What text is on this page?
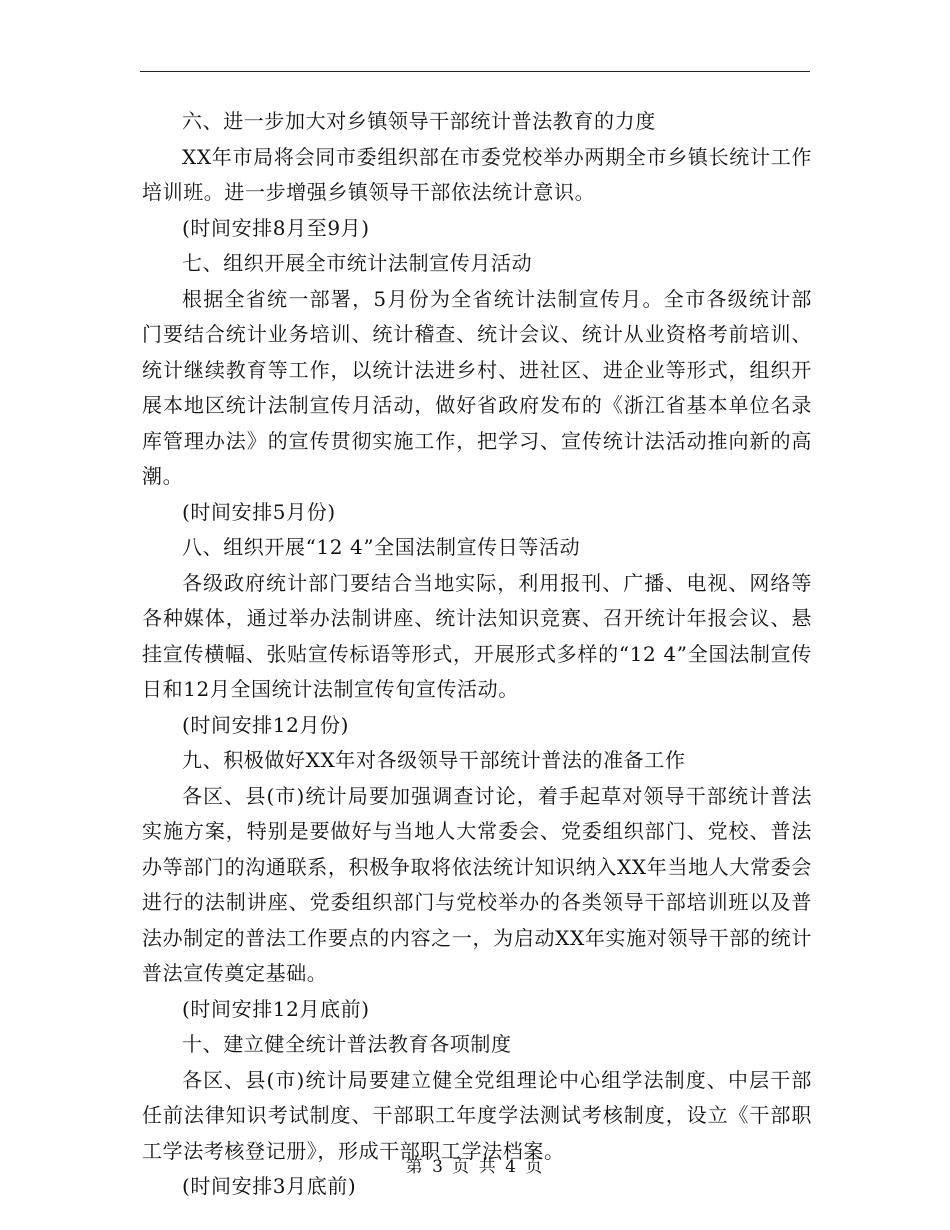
六、进一步加大对乡镇领导干部统计普法教育的力度

XX年市局将会同市委组织部在市委党校举办两期全市乡镇长统计工作培训班。进一步增强乡镇领导干部依法统计意识。

(时间安排8月至9月)

七、组织开展全市统计法制宣传月活动

根据全省统一部署，5月份为全省统计法制宣传月。全市各级统计部门要结合统计业务培训、统计稽查、统计会议、统计从业资格考前培训、统计继续教育等工作，以统计法进乡村、进社区、进企业等形式，组织开展本地区统计法制宣传月活动，做好省政府发布的《浙江省基本单位名录库管理办法》的宣传贯彻实施工作，把学习、宣传统计法活动推向新的高潮。

(时间安排5月份)

八、组织开展“12 4”全国法制宣传日等活动

各级政府统计部门要结合当地实际，利用报刊、广播、电视、网络等各种媒体，通过举办法制讲座、统计法知识竞赛、召开统计年报会议、悬挂宣传横幅、张贴宣传标语等形式，开展形式多样的“12 4”全国法制宣传日和12月全国统计法制宣传旬宣传活动。

(时间安排12月份)

九、积极做好XX年对各级领导干部统计普法的准备工作

各区、县(市)统计局要加强调查讨论，着手起草对领导干部统计普法实施方案，特别是要做好与当地人大常委会、党委组织部门、党校、普法办等部门的沟通联系，积极争取将依法统计知识纳入XX年当地人大常委会进行的法制讲座、党委组织部门与党校举办的各类领导干部培训班以及普法办制定的普法工作要点的内容之一，为启动XX年实施对领导干部的统计普法宣传奠定基础。

(时间安排12月底前)

十、建立健全统计普法教育各项制度

各区、县(市)统计局要建立健全党组理论中心组学法制度、中层干部任前法律知识考试制度、干部职工年度学法测试考核制度，设立《干部职工学法考核登记册》，形成干部职工学法档案。

(时间安排3月底前)

第 3 页 共 4 页
